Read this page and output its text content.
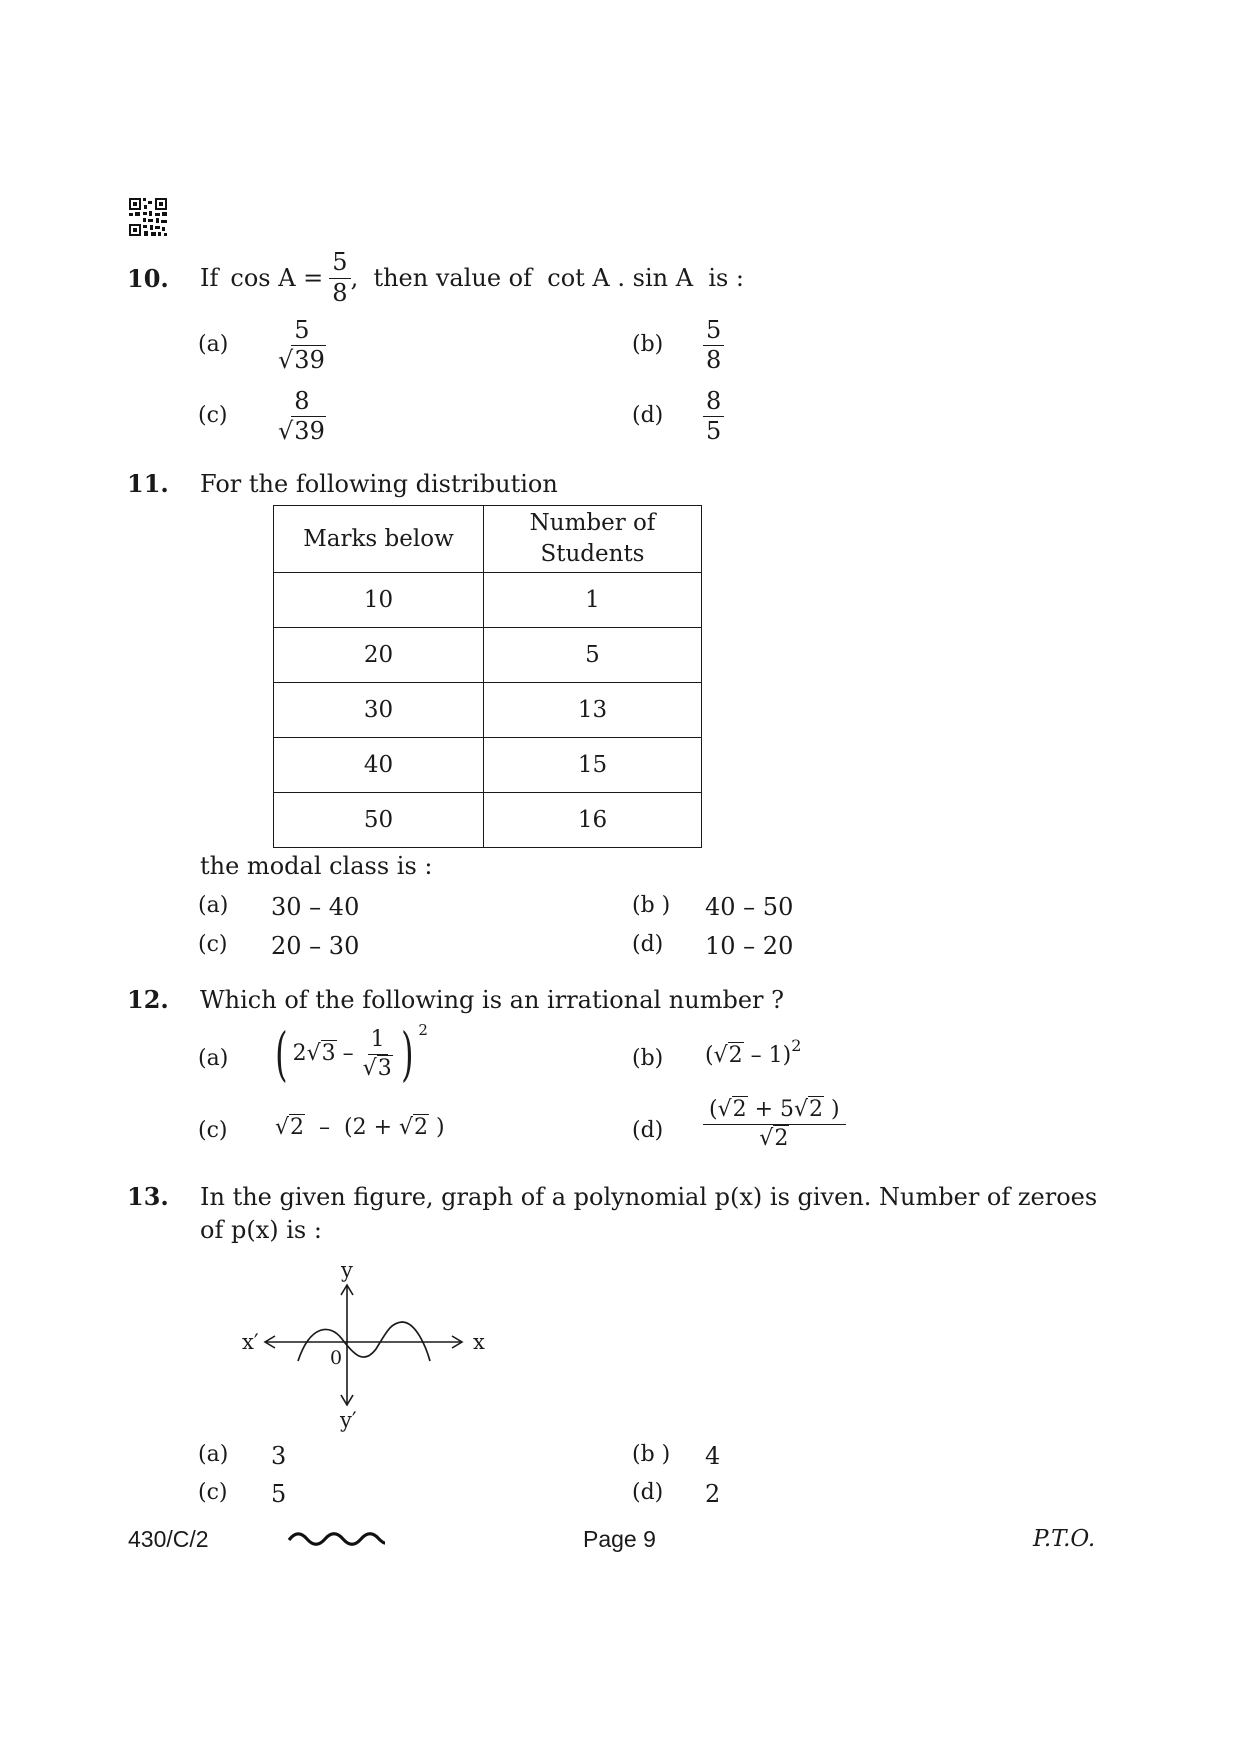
10. If $\cos A = \frac{5}{8}$ ,  then value of  cot A . sin A  is :
$(a) \frac{5}{√39}$	$(b) \frac{5}{8}$
$(c) \frac{8}{√39}$	$(d) \frac{8}{5}$
11. For the following distribution
Marks below	Number of Students
10	1
20	5
30	13
40	15
50	16
the modal class is :
(a) 30 – 40	(b ) 40 – 50
(c) 20 – 30	(d) 10 – 20
12. Which of the following is an irrational number ?
(a) ( $2√3 - \frac{1}{√3}$ ) 2
(b) (√2 – 1)$^2$
(c) √2  –  (2 + √2 )	$(d) \frac{(√2 + 5√2 )}{√2}$
13. In the given figure, graph of a polynomial p(x) is given. Number of zeroes
of p(x) is :
y
y′
x
x′
0
(a) 3	(b ) 4
(c) 5	(d) 2
430/C/2	Page 9	P.T.O.
